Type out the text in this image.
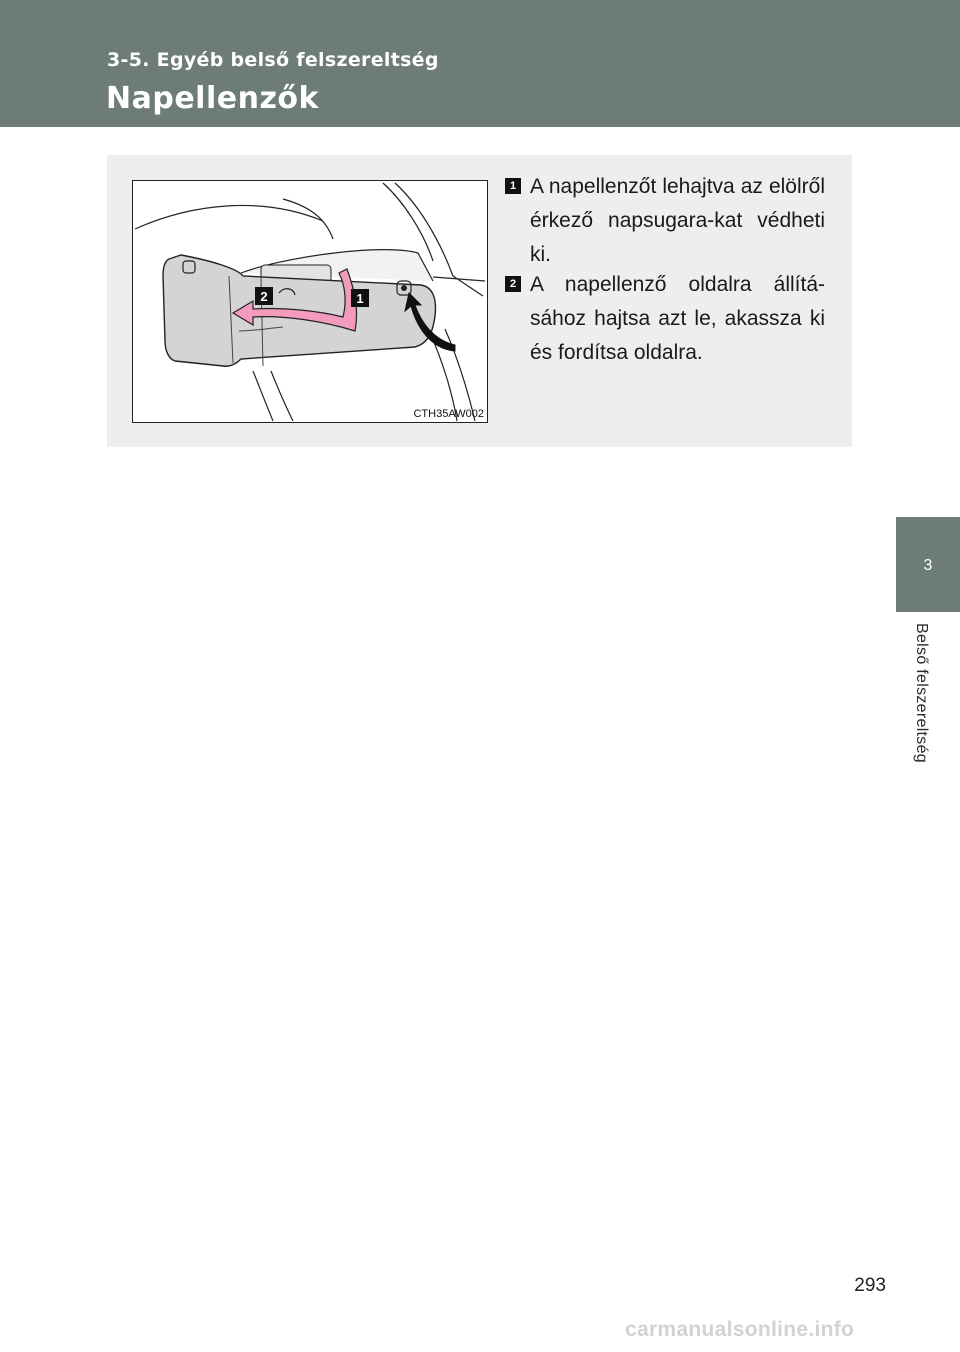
3-5. Egyéb belső felszereltség
Napellenzők
3
Belső felszereltség
2	1
CTH35AW002
1 A napellenzőt lehajtva az elölről érkező napsugara-kat védheti ki.
2 A napellenző oldalra állítá-sához hajtsa azt le, akassza ki és fordítsa oldalra.
293
carmanualsonline.info
